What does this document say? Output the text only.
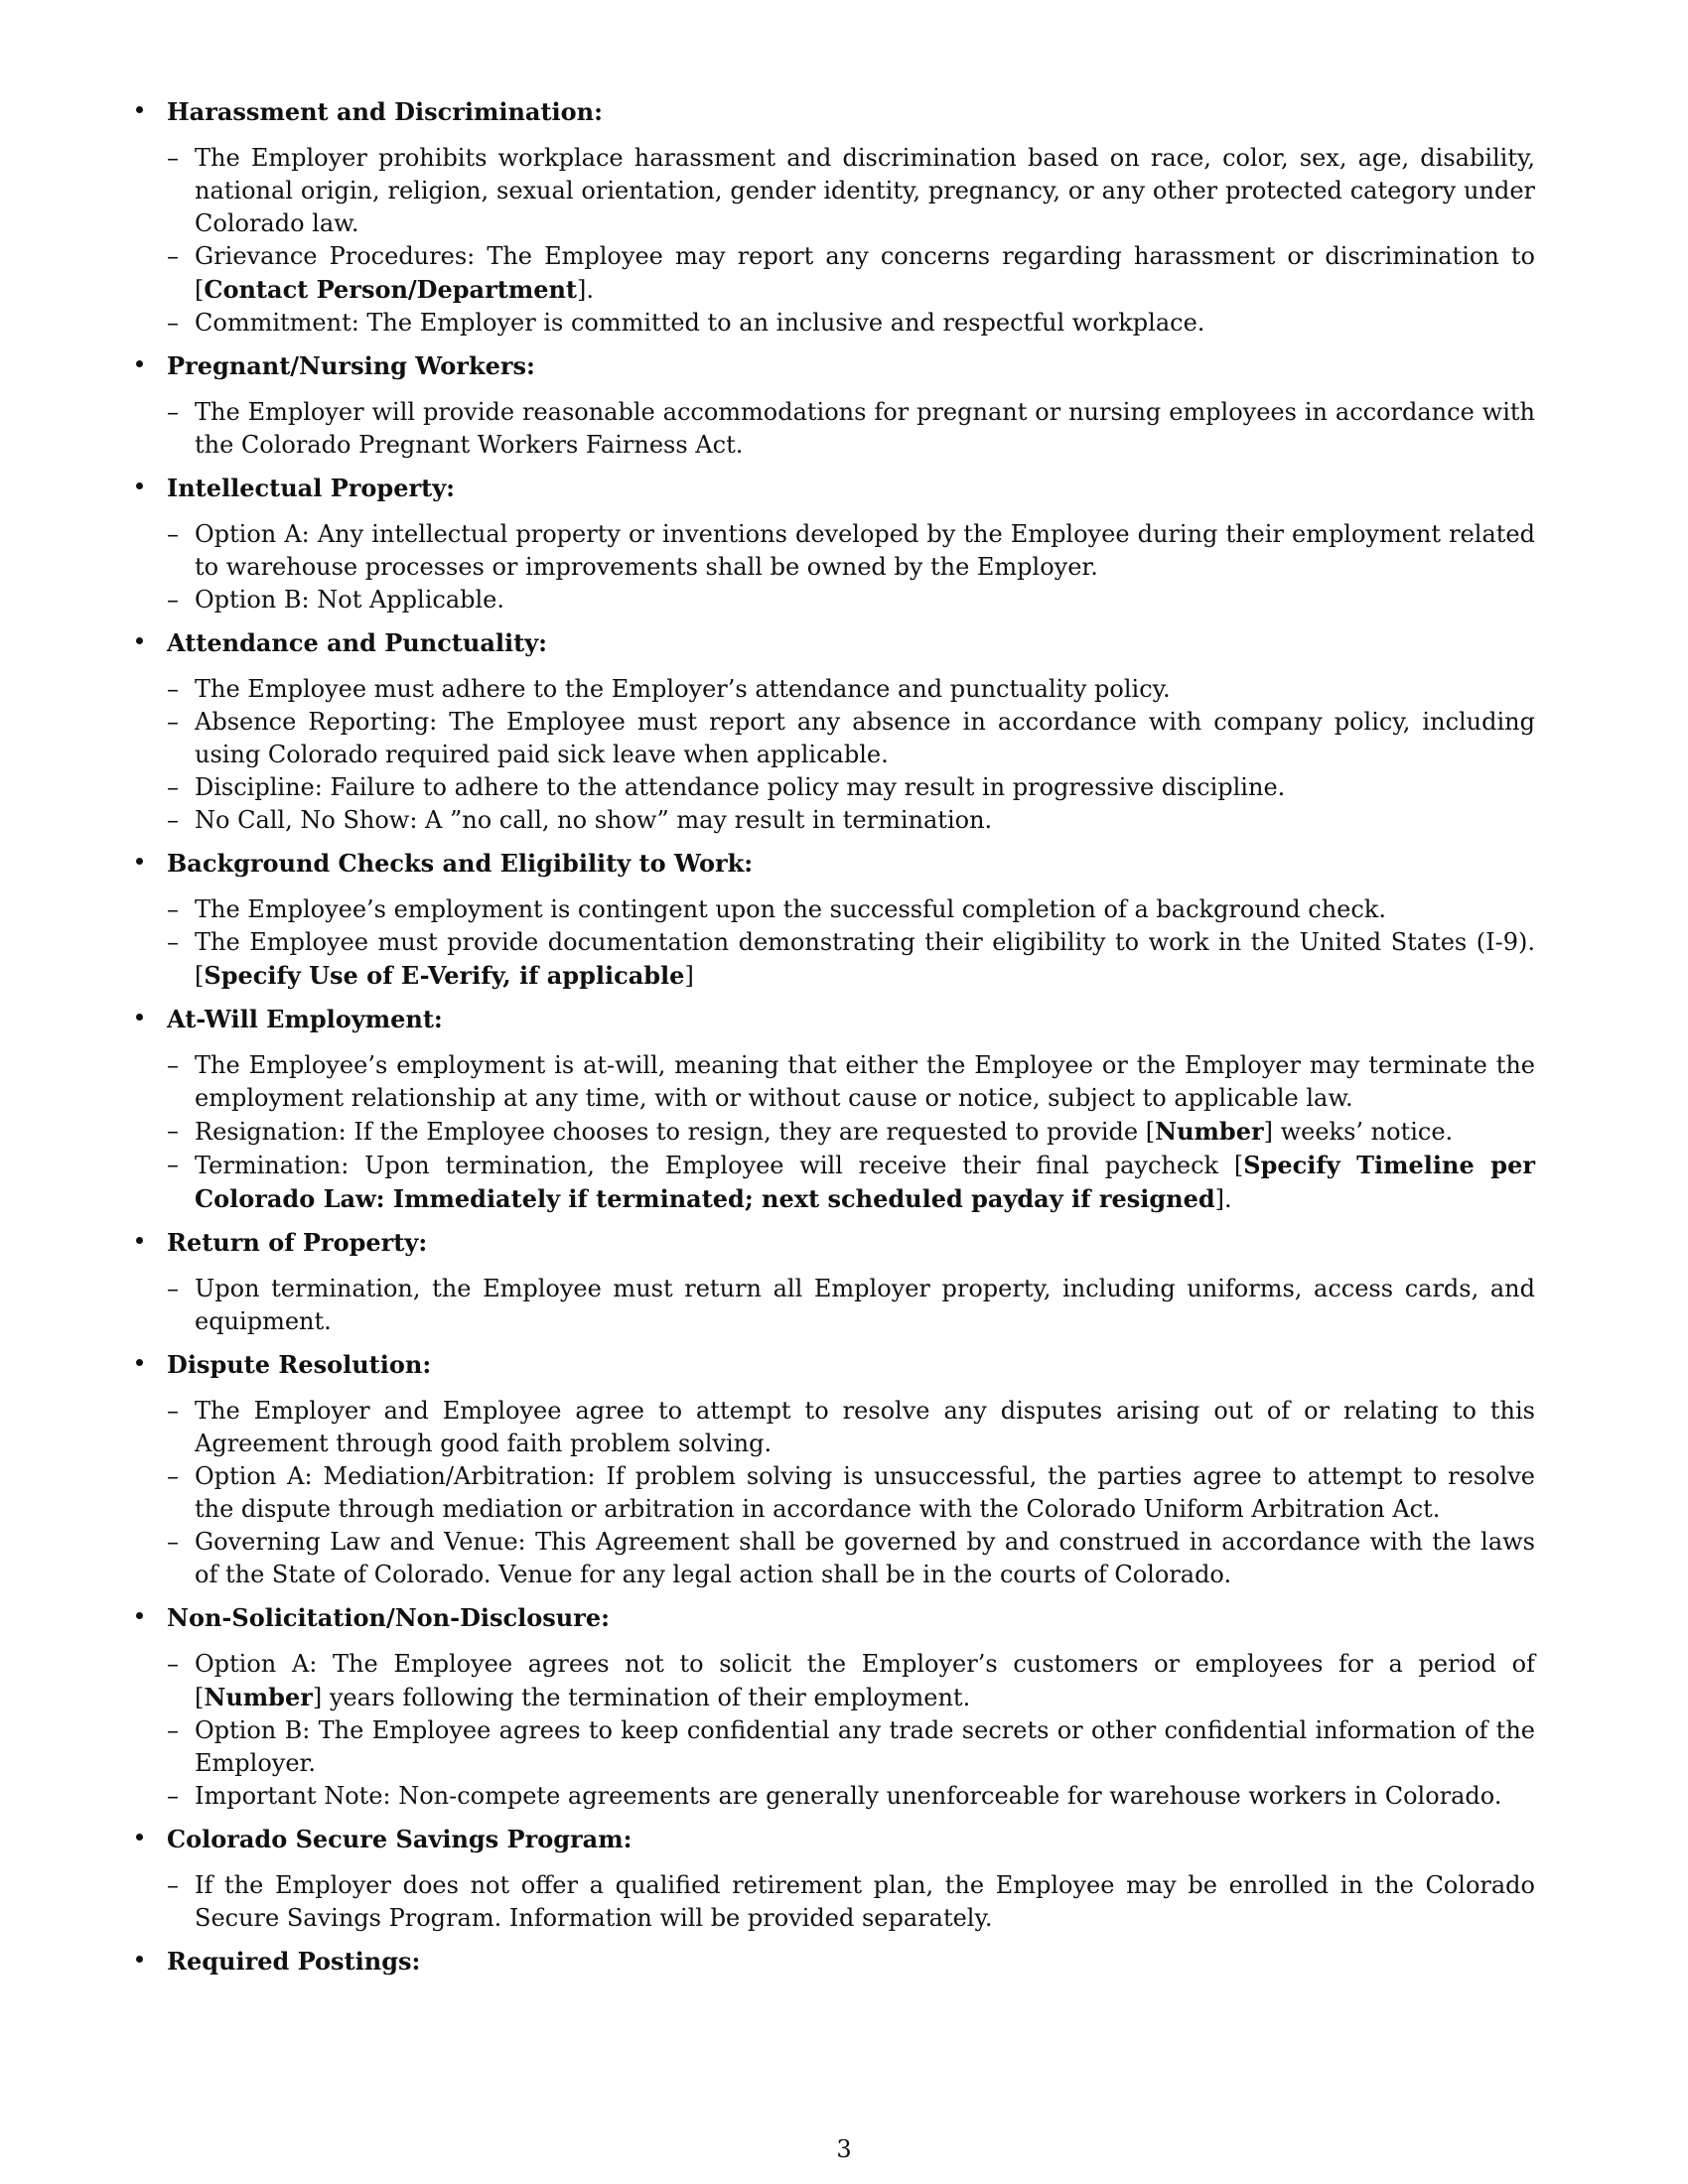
Harassment and Discrimination:
–
The Employer prohibits workplace harassment and discrimination based on race, color, sex, age, disability, national origin, religion, sexual orientation, gender identity, pregnancy, or any other protected category under Colorado law.
–
Grievance Procedures: The Employee may report any concerns regarding harassment or discrimination to [Contact Person/Department].
–
Commitment: The Employer is committed to an inclusive and respectful workplace.
Pregnant/Nursing Workers:
–
The Employer will provide reasonable accommodations for pregnant or nursing employees in accordance with the Colorado Pregnant Workers Fairness Act.
Intellectual Property:
–
Option A: Any intellectual property or inventions developed by the Employee during their employment related to warehouse processes or improvements shall be owned by the Employer.
–
Option B: Not Applicable.
Attendance and Punctuality:
–
The Employee must adhere to the Employer’s attendance and punctuality policy.
–
Absence Reporting: The Employee must report any absence in accordance with company policy, including using Colorado required paid sick leave when applicable.
–
Discipline: Failure to adhere to the attendance policy may result in progressive discipline.
–
No Call, No Show: A ”no call, no show” may result in termination.
Background Checks and Eligibility to Work:
–
The Employee’s employment is contingent upon the successful completion of a background check.
–
The Employee must provide documentation demonstrating their eligibility to work in the United States (I-9). [Specify Use of E-Verify, if applicable]
At-Will Employment:
–
The Employee’s employment is at-will, meaning that either the Employee or the Employer may terminate the employment relationship at any time, with or without cause or notice, subject to applicable law.
–
Resignation: If the Employee chooses to resign, they are requested to provide [Number] weeks’ notice.
–
Termination: Upon termination, the Employee will receive their final paycheck [Specify Timeline per Colorado Law: Immediately if terminated; next scheduled payday if resigned].
Return of Property:
–
Upon termination, the Employee must return all Employer property, including uniforms, access cards, and equipment.
Dispute Resolution:
–
The Employer and Employee agree to attempt to resolve any disputes arising out of or relating to this Agreement through good faith problem solving.
–
Option A: Mediation/Arbitration: If problem solving is unsuccessful, the parties agree to attempt to resolve the dispute through mediation or arbitration in accordance with the Colorado Uniform Arbitration Act.
–
Governing Law and Venue: This Agreement shall be governed by and construed in accordance with the laws of the State of Colorado. Venue for any legal action shall be in the courts of Colorado.
Non-Solicitation/Non-Disclosure:
–
Option A: The Employee agrees not to solicit the Employer’s customers or employees for a period of [Number] years following the termination of their employment.
–
Option B: The Employee agrees to keep confidential any trade secrets or other confidential information of the Employer.
–
Important Note: Non-compete agreements are generally unenforceable for warehouse workers in Colorado.
Colorado Secure Savings Program:
–
If the Employer does not offer a qualified retirement plan, the Employee may be enrolled in the Colorado Secure Savings Program. Information will be provided separately.
Required Postings:
3
